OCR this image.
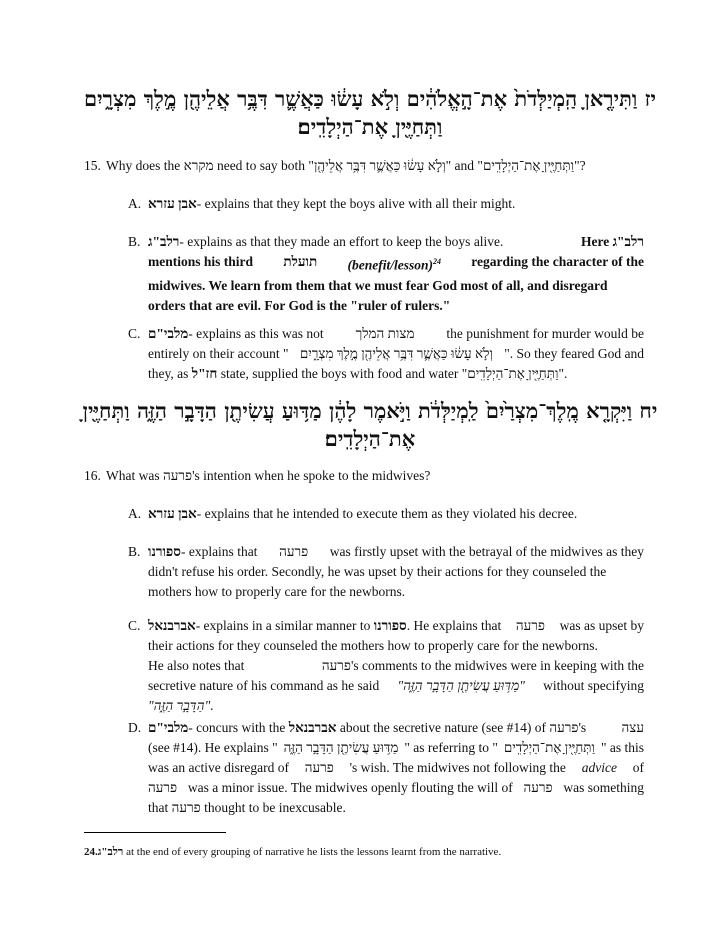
יז וַתִּירֶ֤אןָ הַֽמְיַלְּדֹת֙ אֶת־הָ֣אֱלֹהִ֔ים וְלֹ֣א עָשׂ֔וּ כַּאֲשֶׁ֛ר דִּבֶּ֥ר אֲלֵיהֶ֖ן מֶ֣לֶךְ מִצְרָ֑יִם
וַתְּחַיֶּ֖יןָ אֶת־הַיְלָדִֽים׃
15. Why does the מקרא need to say both "וְלֹ֣א עָשׂ֔וּ כַּאֲשֶׁ֛ר דִּבֶּ֥ר אֲלֵיהֶ֖ן" and "וַתְּחַיֶּ֖יןָ אֶת־הַיְלָדִֽים"?
A. אבן עזרא- explains that they kept the boys alive with all their might.
B. רלב"ג- explains as that they made an effort to keep the boys alive.	Here רלב"ג
mentions his third תועלת (benefit/lesson)$^{24}$ regarding the character of the
midwives. We learn from them that we must fear God most of all, and disregard
orders that are evil. For God is the "ruler of rulers."
C. מלבי"ם- explains as this was not מצות המלך the punishment for murder would be
entirely on their account " וְלֹ֣א עָשׂ֔וּ כַּאֲשֶׁ֛ר דִּבֶּ֥ר אֲלֵיהֶ֖ן מֶ֣לֶךְ מִצְרָ֑יִם ". So they feared God and
they, as חז"ל state, supplied the boys with food and water "וַתְּחַיֶּ֖יןָ אֶת־הַיְלָדִֽים".
יח וַיִּקְרָ֤א מֶֽלֶךְ־מִצְרַ֙יִם֙ לַֽמְיַלְּדֹ֔ת וַיֹּ֣אמֶר לָהֶ֔ן מַדּ֥וּעַ עֲשִׂיתֶ֖ן הַדָּבָ֣ר הַזֶּ֑ה וַתְּחַיֶּ֖יןָ
אֶת־הַיְלָדִֽים׃
16. What was פרעה's intention when he spoke to the midwives?
A. אבן עזרא- explains that he intended to execute them as they violated his decree.
B. ספורנו- explains that פרעה was firstly upset with the betrayal of the midwives as they
didn't refuse his order. Secondly, he was upset by their actions for they counseled the
mothers how to properly care for the newborns.
C. אברבנאל- explains in a similar manner to ספורנו. He explains that פרעה was as upset by
their actions for they counseled the mothers how to properly care for the newborns.
He also notes that	פרעה's comments to the midwives were in keeping with the
secretive nature of his command as he said "מַדּ֥וּעַ עֲשִׂיתֶ֖ן הַדָּבָ֣ר הַזֶּ֑ה" without specifying
"הַדָּבָ֣ר הַזֶּ֑ה".
D. מלבי"ם- concurs with the אברבנאל about the secretive nature (see #14) of פרעה's	עצה
(see #14). He explains " מַדּ֥וּעַ עֲשִׂיתֶ֖ן הַדָּבָ֣ר הַזֶּ֑ה " as referring to " וַתְּחַיֶּ֖יןָ אֶת־הַיְלָדִֽים " as this
was an active disregard of פרעה 's wish. The midwives not following the advice of
פרעה was a minor issue. The midwives openly flouting the will of פרעה was something
that פרעה thought to be inexcusable.
24.רלב"ג at the end of every grouping of narrative he lists the lessons learnt from the narrative.
